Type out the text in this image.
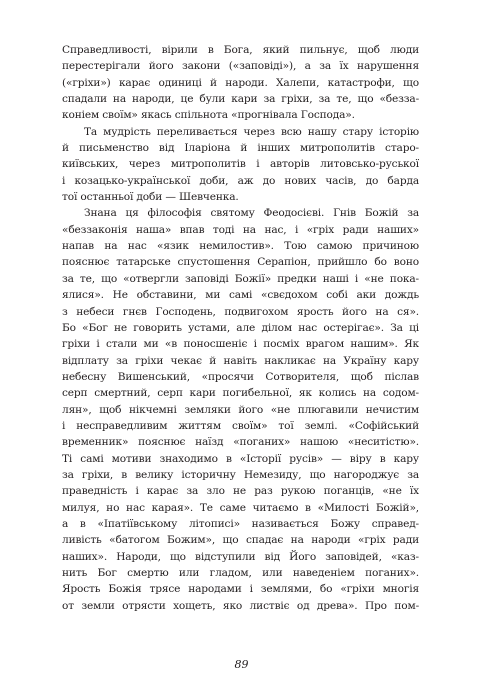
Справедливості, вірили в Бога, який пильнує, щоб люди
перестерігали його закони («заповіді»), а за їх нарушення
(«гріхи») карає одиниці й народи. Халепи, катастрофи, що
спадали на народи, це були кари за гріхи, за те, що «безза-
коніем своїм» якась спільнота «прогнівала Господа».
Та мудрість переливається через всю нашу стару історію
й письменство від Іларіона й інших митрополитів старо-
київських, через митрополитів і авторів литовсько-руської
і козацько-української доби, аж до нових часів, до барда
тої останньої доби — Шевченка.
Знана ця філософія святому Феодосієві. Гнів Божій за
«беззаконія наша» впав тоді на нас, і «гріх ради наших»
напав на нас «язик немилостив». Тою самою причиною
пояснює татарське спустошення Серапіон, прийшло бо воно
за те, що «отвергли заповіді Божії» предки наші і «не пока-
ялися». Не обставини, ми самі «свєдохом собі аки дождь
з небеси гнєв Господень, подвигохом ярость його на ся».
Бо «Бог не говорить устами, але ділом нас остерігає». За ці
гріхи і стали ми «в поноcшеніє і посміх врагом нашим». Як
відплату за гріхи чекає й навіть накликає на Україну кару
небесну Вишенський, «просячи Сотворителя, щоб післав
серп смертний, серп кари погибельної, як колись на содом-
лян», щоб нікчемні земляки його «не плюгавили нечистим
і несправедливим життям своїм» тої землі. «Софійський
временник» пояснює наїзд «поганих» нашою «неситістю».
Ті самі мотиви знаходимо в «Історії русів» — віру в кару
за гріхи, в велику історичну Немезиду, що нагороджує за
праведність і карає за зло не раз рукою поганців, «не їх
милуя, но нас карая». Те саме читаємо в «Милості Божій»,
а в «Іпатіївському літописі» називається Божу справед-
ливість «батогом Божим», що спадає на народи «гріх ради
наших». Народи, що відступили від Його заповідей, «каз-
нить Бог смертю или гладом, или наведеніем поганих».
Ярость Божія трясе народами і землями, бо «гріхи многія
от земли отрясти хощеть, яко листвіє од древа». Про пом-
89
